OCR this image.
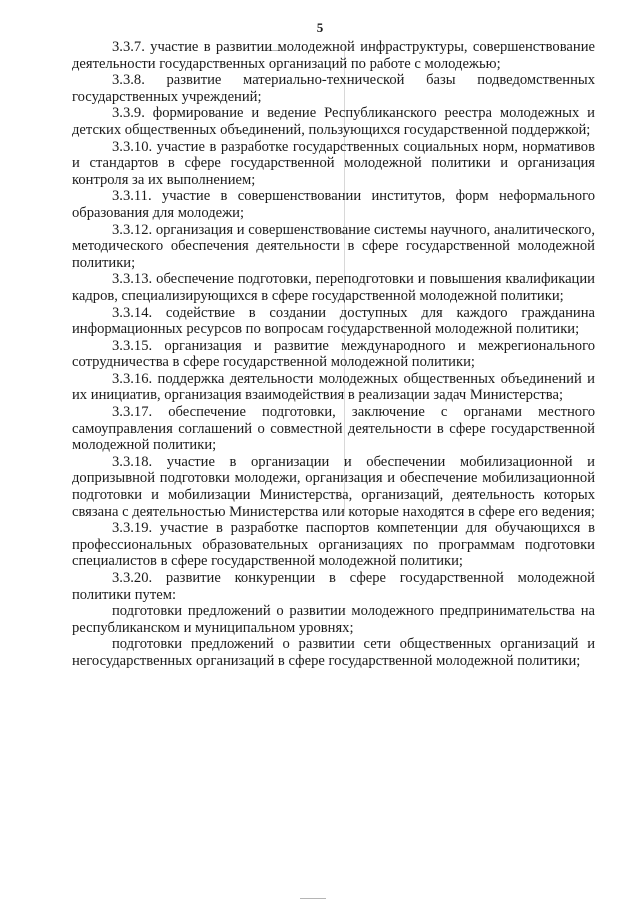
5

3.3.7. участие в развитии молодежной инфраструктуры, совершенствование деятельности государственных организаций по работе с молодежью;

3.3.8. развитие материально-технической базы подведомственных государственных учреждений;

3.3.9. формирование и ведение Республиканского реестра молодежных и детских общественных объединений, пользующихся государственной поддержкой;

3.3.10. участие в разработке государственных социальных норм, нормативов и стандартов в сфере государственной молодежной политики и организация контроля за их выполнением;

3.3.11. участие в совершенствовании институтов, форм неформального образования для молодежи;

3.3.12. организация и совершенствование системы научного, аналитического, методического обеспечения деятельности в сфере государственной молодежной политики;

3.3.13. обеспечение подготовки, переподготовки и повышения квалификации кадров, специализирующихся в сфере государственной молодежной политики;

3.3.14. содействие в создании доступных для каждого гражданина информационных ресурсов по вопросам государственной молодежной политики;

3.3.15. организация и развитие международного и межрегионального сотрудничества в сфере государственной молодежной политики;

3.3.16. поддержка деятельности молодежных общественных объединений и их инициатив, организация взаимодействия в реализации задач Министерства;

3.3.17. обеспечение подготовки, заключение с органами местного самоуправления соглашений о совместной деятельности в сфере государственной молодежной политики;

3.3.18. участие в организации и обеспечении мобилизационной и допризывной подготовки молодежи, организация и обеспечение мобилизационной подготовки и мобилизации Министерства, организаций, деятельность которых связана с деятельностью Министерства или которые находятся в сфере его ведения;

3.3.19. участие в разработке паспортов компетенции для обучающихся в профессиональных образовательных организациях по программам подготовки специалистов в сфере государственной молодежной политики;

3.3.20. развитие конкуренции в сфере государственной молодежной политики путем:

подготовки предложений о развитии молодежного предпринимательства на республиканском и муниципальном уровнях;

подготовки предложений о развитии сети общественных организаций и негосударственных организаций в сфере государственной молодежной политики;
